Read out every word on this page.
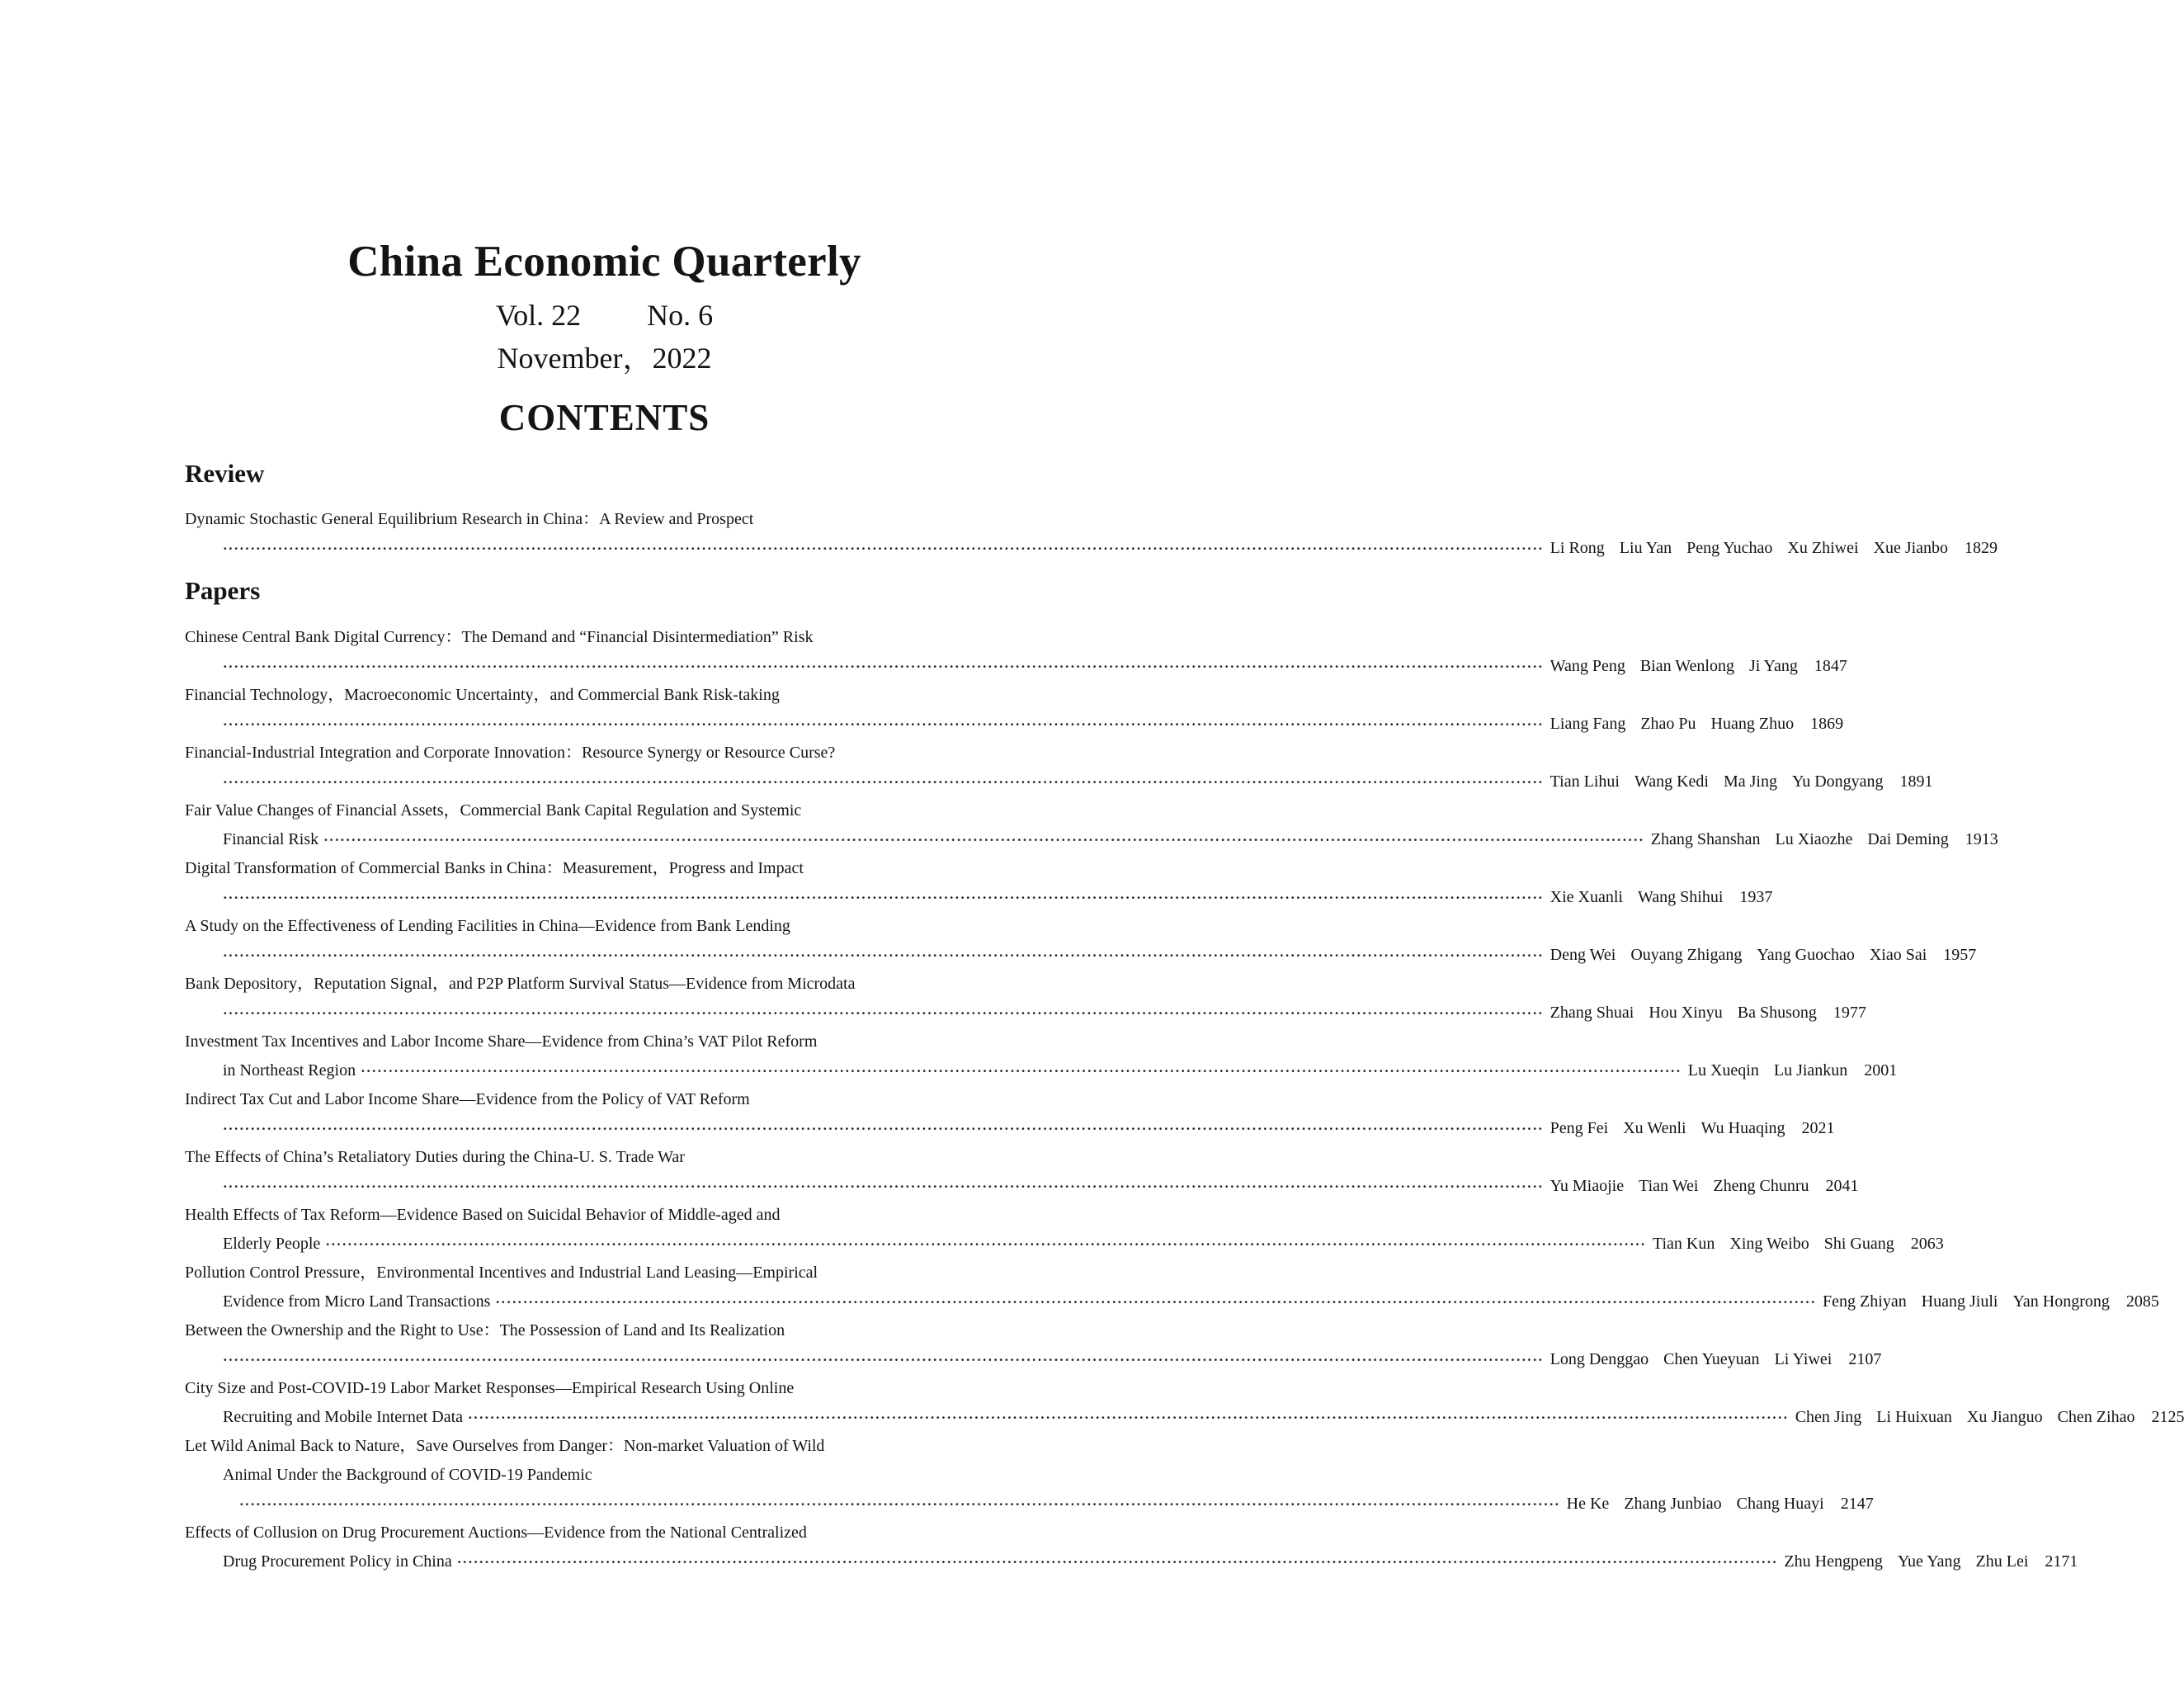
China Economic Quarterly
Vol. 22 No. 6
November，2022
CONTENTS
Review
Dynamic Stochastic General Equilibrium Research in China：A Review and Prospect
················································································································································································································································ Li Rong Liu Yan Peng Yuchao Xu Zhiwei Xue Jianbo	1829
Papers
Chinese Central Bank Digital Currency：The Demand and “Financial Disintermediation” Risk
················································································································································································································································ Wang Peng Bian Wenlong Ji Yang	1847
Financial Technology，Macroeconomic Uncertainty，and Commercial Bank Risk-taking
················································································································································································································································ Liang Fang Zhao Pu Huang Zhuo	1869
Financial-Industrial Integration and Corporate Innovation：Resource Synergy or Resource Curse?
················································································································································································································································ Tian Lihui Wang Kedi Ma Jing Yu Dongyang	1891
Fair Value Changes of Financial Assets，Commercial Bank Capital Regulation and Systemic
Financial Risk ················································································································································································································································ Zhang Shanshan Lu Xiaozhe Dai Deming	1913
Digital Transformation of Commercial Banks in China：Measurement，Progress and Impact
················································································································································································································································ Xie Xuanli Wang Shihui	1937
A Study on the Effectiveness of Lending Facilities in China—Evidence from Bank Lending
················································································································································································································································ Deng Wei Ouyang Zhigang Yang Guochao Xiao Sai	1957
Bank Depository，Reputation Signal，and P2P Platform Survival Status—Evidence from Microdata
················································································································································································································································ Zhang Shuai Hou Xinyu Ba Shusong	1977
Investment Tax Incentives and Labor Income Share—Evidence from China’s VAT Pilot Reform
in Northeast Region ················································································································································································································································ Lu Xueqin Lu Jiankun	2001
Indirect Tax Cut and Labor Income Share—Evidence from the Policy of VAT Reform
················································································································································································································································ Peng Fei Xu Wenli Wu Huaqing	2021
The Effects of China’s Retaliatory Duties during the China-U. S. Trade War
················································································································································································································································ Yu Miaojie Tian Wei Zheng Chunru	2041
Health Effects of Tax Reform—Evidence Based on Suicidal Behavior of Middle-aged and
Elderly People ················································································································································································································································ Tian Kun Xing Weibo Shi Guang	2063
Pollution Control Pressure，Environmental Incentives and Industrial Land Leasing—Empirical
Evidence from Micro Land Transactions ················································································································································································································································ Feng Zhiyan Huang Jiuli Yan Hongrong	2085
Between the Ownership and the Right to Use：The Possession of Land and Its Realization
················································································································································································································································ Long Denggao Chen Yueyuan Li Yiwei	2107
City Size and Post-COVID-19 Labor Market Responses—Empirical Research Using Online
Recruiting and Mobile Internet Data ················································································································································································································································ Chen Jing Li Huixuan Xu Jianguo Chen Zihao	2125
Let Wild Animal Back to Nature，Save Ourselves from Danger：Non-market Valuation of Wild
Animal Under the Background of COVID-19 Pandemic
················································································································································································································································ He Ke Zhang Junbiao Chang Huayi	2147
Effects of Collusion on Drug Procurement Auctions—Evidence from the National Centralized
Drug Procurement Policy in China ················································································································································································································································ Zhu Hengpeng Yue Yang Zhu Lei	2171
